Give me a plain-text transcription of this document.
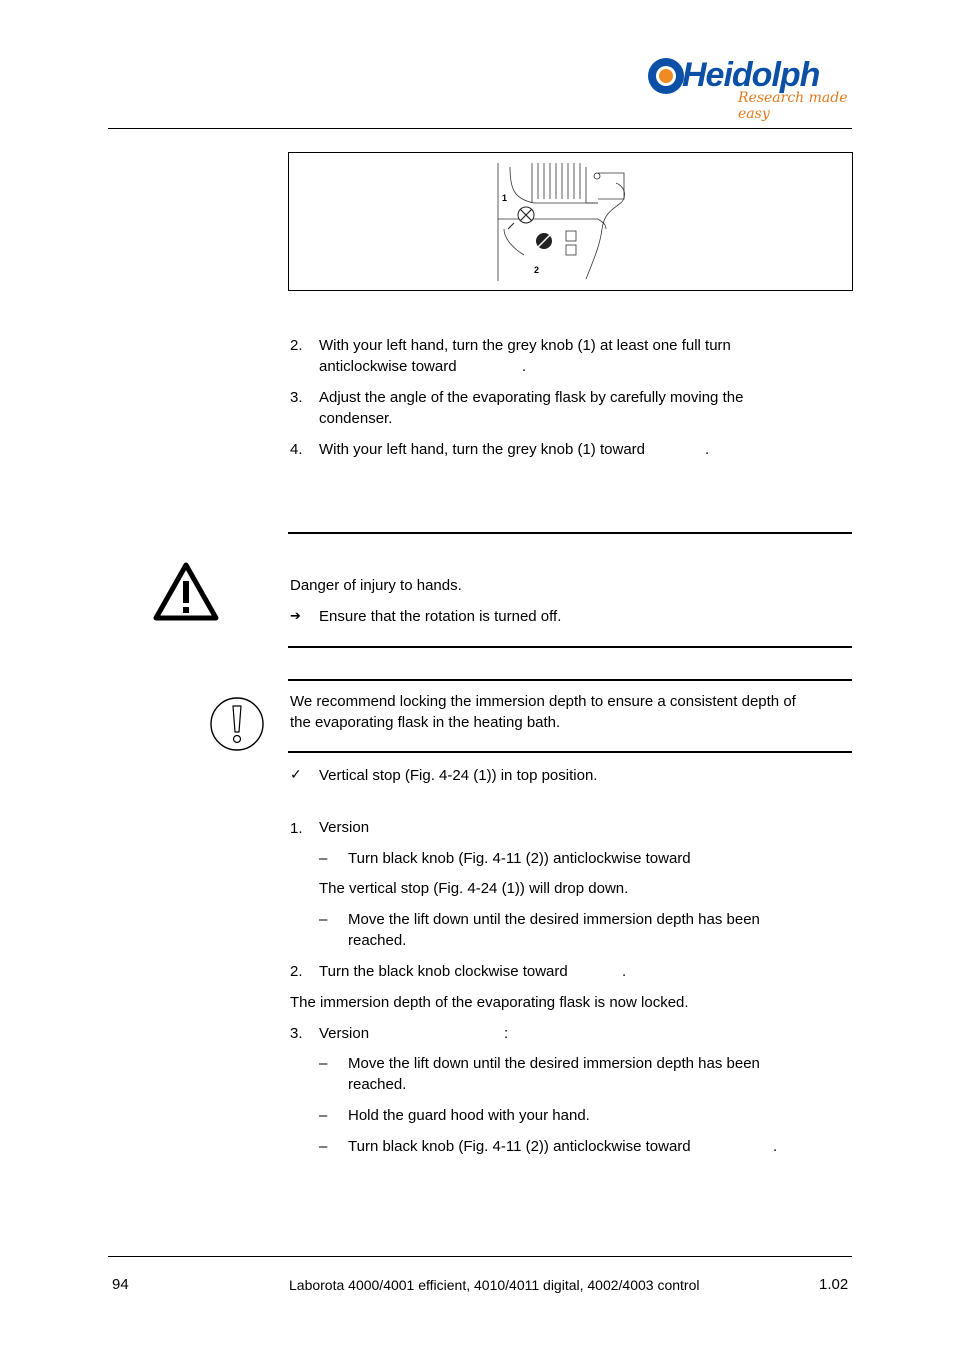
Heidolph
Research made easy
1
2
2. With your left hand, turn the grey knob (1) at least one full turn
anticlockwise toward	.
3. Adjust the angle of the evaporating flask by carefully moving the
condenser.
4. With your left hand, turn the grey knob (1) toward	.
Danger of injury to hands.
➔ Ensure that the rotation is turned off.
We recommend locking the immersion depth to ensure a consistent depth of
the evaporating flask in the heating bath.
✓ Vertical stop (Fig. 4-24 (1)) in top position.
1. Version
– Turn black knob (Fig. 4-11 (2)) anticlockwise toward
The vertical stop (Fig. 4-24 (1)) will drop down.
– Move the lift down until the desired immersion depth has been
reached.
2. Turn the black knob clockwise toward	.
The immersion depth of the evaporating flask is now locked.
3. Version	:
– Move the lift down until the desired immersion depth has been
reached.
– Hold the guard hood with your hand.
– Turn black knob (Fig. 4-11 (2)) anticlockwise toward	.
94	Laborota 4000/4001 efficient, 4010/4011 digital, 4002/4003 control	1.02
